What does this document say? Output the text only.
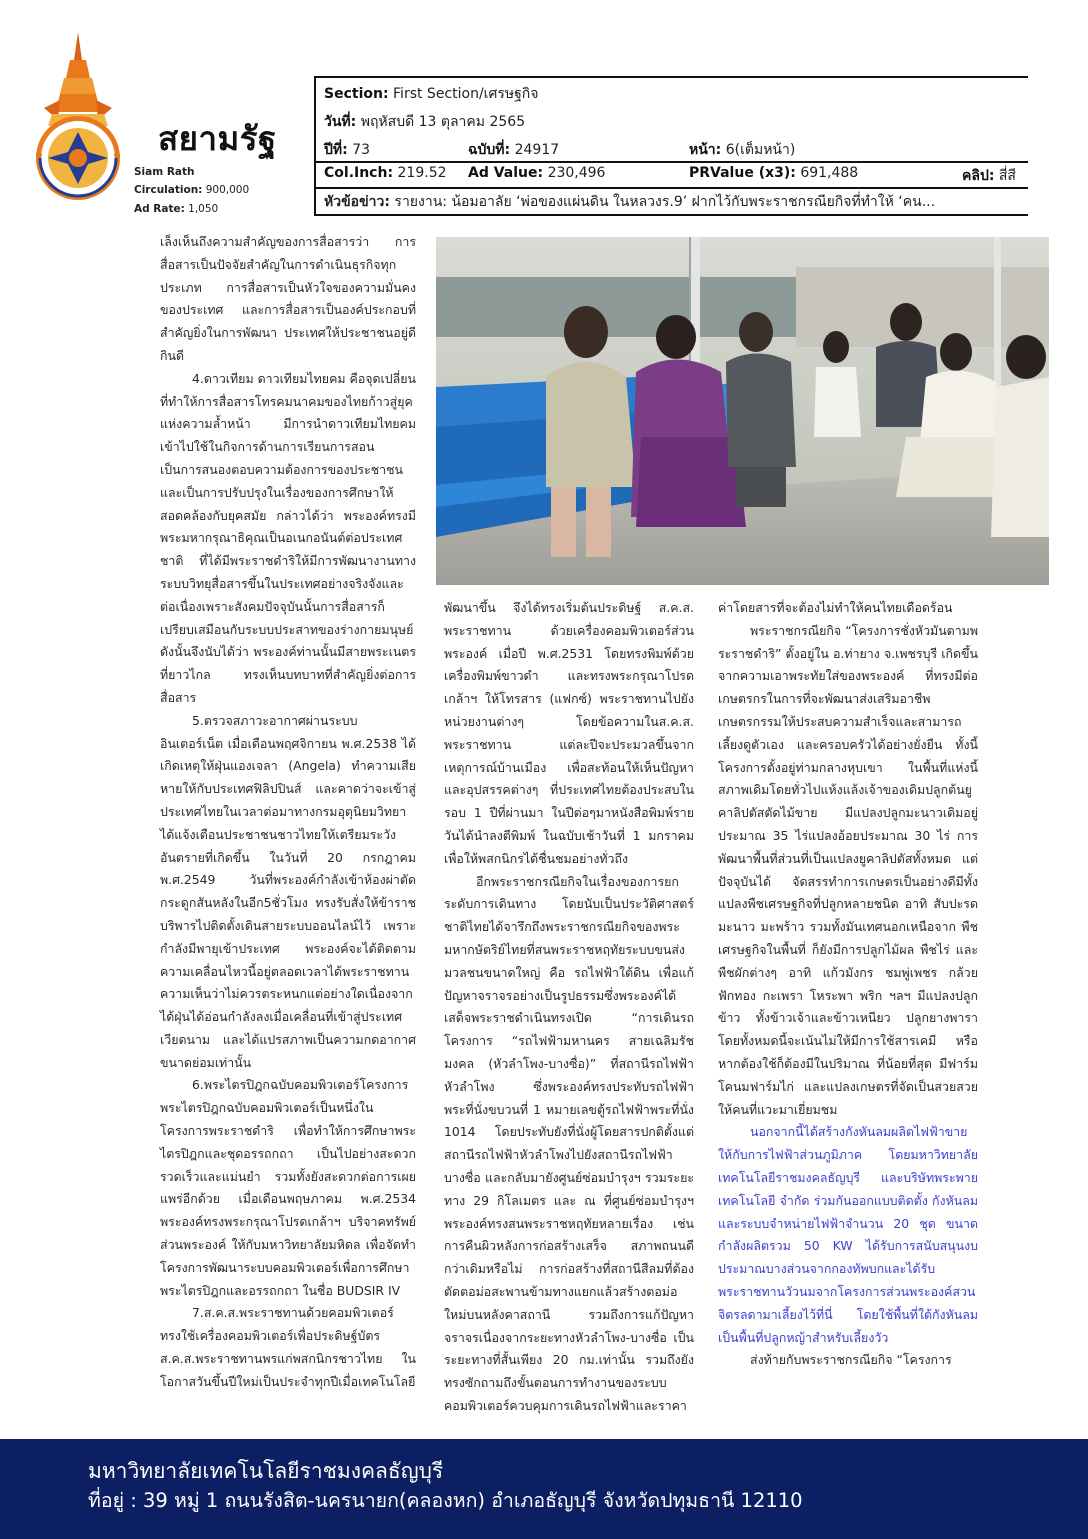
สยามรัฐ
Siam Rath
Circulation: 900,000
Ad Rate: 1,050
Section: First Section/เศรษฐกิจ
วันที่: พฤหัสบดี 13 ตุลาคม 2565
ปีที่: 73	ฉบับที่: 24917	หน้า: 6(เต็มหน้า)
Col.Inch: 219.52 Ad Value: 230,496	PRValue (x3): 691,488	คลิป: สี่สี
หัวข้อข่าว: รายงาน: น้อมอาลัย ‘พ่อของแผ่นดิน ในหลวงร.9’ ฝากไว้กับพระราชกรณียกิจที่ทำให้ ‘คน...

เล็งเห็นถึงความสำคัญของการสื่อสารว่า การสื่อสารเป็นปัจจัยสำคัญในการดำเนินธุรกิจทุกประเภท การสื่อสารเป็นหัวใจของความมั่นคงของประเทศ และการสื่อสารเป็นองค์ประกอบที่สำคัญยิ่งในการพัฒนา ประเทศให้ประชาชนอยู่ดีกินดี

4.ดาวเทียม ดาวเทียมไทยคม คือจุดเปลี่ยนที่ทำให้การสื่อสารโทรคมนาคมของไทยก้าวสู่ยุคแห่งความล้ำหน้า มีการนำดาวเทียมไทยคมเข้าไปใช้ในกิจการด้านการเรียนการสอน เป็นการสนองตอบความต้องการของประชาชน และเป็นการปรับปรุงในเรื่องของการศึกษาให้สอดคล้องกับยุคสมัย กล่าวได้ว่า พระองค์ทรงมีพระมหากรุณาธิคุณเป็นอเนกอนันต์ต่อประเทศชาติ ที่ได้มีพระราชดำริให้มีการพัฒนางานทางระบบวิทยุสื่อสารขึ้นในประเทศอย่างจริงจังและต่อเนื่องเพราะสังคมปัจจุบันนั้นการสื่อสารก็เปรียบเสมือนกับระบบประสาทของร่างกายมนุษย์ ดังนั้นจึงนับได้ว่า พระองค์ท่านนั้นมีสายพระเนตรที่ยาวไกล ทรงเห็นบทบาทที่สำคัญยิ่งต่อการสื่อสาร

5.ตรวจสภาวะอากาศผ่านระบบอินเตอร์เน็ต เมื่อเดือนพฤศจิกายน พ.ศ.2538 ได้เกิดเหตุให้ฝุ่นแองเจลา (Angela) ทำความเสียหายให้กับประเทศฟิลิปปินส์ และคาดว่าจะเข้าสู่ประเทศไทยในเวลาต่อมาทางกรมอุตุนิยมวิทยาได้แจ้งเตือนประชาชนชาวไทยให้เตรียมระวังอันตรายที่เกิดขึ้น ในวันที่ 20 กรกฎาคม พ.ศ.2549 วันที่พระองค์กำลังเข้าห้องผ่าตัดกระดูกสันหลังในอีก5ชั่วโมง ทรงรับสั่งให้ข้าราชบริพารไปติดตั้งเดินสายระบบออนไลน์ไว้ เพราะกำลังมีพายุเข้าประเทศ พระองค์จะได้ติดตามความเคลื่อนไหวนี้อยู่ตลอดเวลาได้พระราชทานความเห็นว่าไม่ควรตระหนกแต่อย่างใดเนื่องจากได้ฝุ่นได้อ่อนกำลังลงเมื่อเคลื่อนที่เข้าสู่ประเทศเวียดนาม และได้แปรสภาพเป็นความกดอากาศขนาดย่อมเท่านั้น

6.พระไตรปิฎกฉบับคอมพิวเตอร์โครงการพระไตรปิฎกฉบับคอมพิวเตอร์เป็นหนึ่งในโครงการพระราชดำริ เพื่อทำให้การศึกษาพระไตรปิฎกและชุดอรรถกถา เป็นไปอย่างสะดวกรวดเร็วและแม่นยำ รวมทั้งยังสะดวกต่อการเผยแพร่อีกด้วย เมื่อเดือนพฤษภาคม พ.ศ.2534 พระองค์ทรงพระกรุณาโปรดเกล้าฯ บริจาคทรัพย์ส่วนพระองค์ ให้กับมหาวิทยาลัยมหิดล เพื่อจัดทำโครงการพัฒนาระบบคอมพิวเตอร์เพื่อการศึกษาพระไตรปิฎกและอรรถกถา ในชื่อ BUDSIR IV

7.ส.ค.ส.พระราชทานด้วยคอมพิวเตอร์ ทรงใช้เครื่องคอมพิวเตอร์เพื่อประดิษฐ์บัตร ส.ค.ส.พระราชทานพรแก่พสกนิกรชาวไทย ในโอกาสวันขึ้นปีใหม่เป็นประจำทุกปีเมื่อเทคโนโลยี

พัฒนาขึ้น จึงได้ทรงเริ่มต้นประดิษฐ์ ส.ค.ส. พระราชทาน ด้วยเครื่องคอมพิวเตอร์ส่วนพระองค์ เมื่อปี พ.ศ.2531 โดยทรงพิมพ์ด้วยเครื่องพิมพ์ขาวดำ และทรงพระกรุณาโปรดเกล้าฯ ให้โทรสาร (แฟกซ์) พระราชทานไปยังหน่วยงานต่างๆ โดยข้อความในส.ค.ส. พระราชทาน แต่ละปีจะประมวลขึ้นจากเหตุการณ์บ้านเมือง เพื่อสะท้อนให้เห็นปัญหา และอุปสรรคต่างๆ ที่ประเทศไทยต้องประสบในรอบ 1 ปีที่ผ่านมา ในปีต่อๆมาหนังสือพิมพ์รายวันได้นำลงตีพิมพ์ ในฉบับเช้าวันที่ 1 มกราคม เพื่อให้พสกนิกรได้ชื่นชมอย่างทั่วถึง

อีกพระราชกรณียกิจในเรื่องของการยกระดับการเดินทาง โดยนับเป็นประวัติศาสตร์ชาติไทยได้จารึกถึงพระราชกรณียกิจของพระมหากษัตริย์ไทยที่สนพระราชหฤทัยระบบขนส่งมวลชนขนาดใหญ่ คือ รถไฟฟ้าใต้ดิน เพื่อแก้ปัญหาจราจรอย่างเป็นรูปธรรมซึ่งพระองค์ได้เสด็จพระราชดำเนินทรงเปิด “การเดินรถโครงการ “รถไฟฟ้ามหานคร สายเฉลิมรัชมงคล (หัวลำโพง-บางซื่อ)” ที่สถานีรถไฟฟ้าหัวลำโพง ซึ่งพระองค์ทรงประทับรถไฟฟ้าพระที่นั่งขบวนที่ 1 หมายเลขตู้รถไฟฟ้าพระที่นั่ง 1014 โดยประทับยังที่นั่งผู้โดยสารปกติตั้งแต่สถานีรถไฟฟ้าหัวลำโพงไปยังสถานีรถไฟฟ้าบางซื่อ และกลับมายังศูนย์ซ่อมบำรุงฯ รวมระยะทาง 29 กิโลเมตร และ ณ ที่ศูนย์ซ่อมบำรุงฯ พระองค์ทรงสนพระราชหฤทัยหลายเรื่อง เช่นการคืนผิวหลังการก่อสร้างเสร็จ สภาพถนนดีกว่าเดิมหรือไม่ การก่อสร้างที่สถานีสีลมที่ต้องตัดตอม่อสะพานข้ามทางแยกแล้วสร้างตอม่อใหม่บนหลังคาสถานี รวมถึงการแก้ปัญหาจราจรเนื่องจากระยะทางหัวลำโพง-บางซื่อ เป็นระยะทางที่สั้นเพียง 20 กม.เท่านั้น รวมถึงยังทรงซักถามถึงขั้นตอนการทำงานของระบบคอมพิวเตอร์ควบคุมการเดินรถไฟฟ้าและราคา

ค่าโดยสารที่จะต้องไม่ทำให้คนไทยเดือดร้อน

พระราชกรณียกิจ “โครงการชั่งหัวมันตามพระราชดำริ” ตั้งอยู่ใน อ.ท่ายาง จ.เพชรบุรี เกิดขึ้นจากความเอาพระทัยใส่ของพระองค์ ที่ทรงมีต่อเกษตรกรในการที่จะพัฒนาส่งเสริมอาชีพเกษตรกรรมให้ประสบความสำเร็จและสามารถเลี้ยงดูตัวเอง และครอบครัวได้อย่างยั่งยืน ทั้งนี้โครงการตั้งอยู่ท่ามกลางหุบเขา ในพื้นที่แห่งนี้สภาพเดิมโดยทั่วไปแห้งแล้งเจ้าของเดิมปลูกต้นยูคาลิปตัสตัดไม้ขาย มีแปลงปลูกมะนาวเดิมอยู่ประมาณ 35 ไร่แปลงอ้อยประมาณ 30 ไร่ การพัฒนาพื้นที่ส่วนที่เป็นแปลงยูคาลิปตัสทั้งหมด แต่ปัจจุบันได้ จัดสรรทำการเกษตรเป็นอย่างดีมีทั้งแปลงพืชเศรษฐกิจที่ปลูกหลายชนิด อาทิ สับปะรด มะนาว มะพร้าว รวมทั้งมันเทศนอกเหนือจาก พืชเศรษฐกิจในพื้นที่ ก็ยังมีการปลูกไม้ผล พืชไร่ และพืชผักต่างๆ อาทิ แก้วมังกร ชมพู่เพชร กล้วย ฟักทอง กะเพรา โหระพา พริก ฯลฯ มีแปลงปลูกข้าว ทั้งข้าวเจ้าและข้าวเหนียว ปลูกยางพารา โดยทั้งหมดนี้จะเน้นไม่ให้มีการใช้สารเคมี หรือหากต้องใช้ก็ต้องมีในปริมาณ ที่น้อยที่สุด มีฟาร์มโคนมฟาร์มไก่ และแปลงเกษตรที่จัดเป็นสวยสวยให้คนที่แวะมาเยี่ยมชม

นอกจากนี้ได้สร้างกังหันลมผลิตไฟฟ้าขายให้กับการไฟฟ้าส่วนภูมิภาค โดยมหาวิทยาลัยเทคโนโลยีราชมงคลธัญบุรี และบริษัทพระพายเทคโนโลยี จำกัด ร่วมกันออกแบบติดตั้ง กังหันลมและระบบจำหน่ายไฟฟ้าจำนวน 20 ชุด ขนาดกำลังผลิตรวม 50 KW ได้รับการสนับสนุนงบประมาณบางส่วนจากกองทัพบกและได้รับพระราชทานวัวนมจากโครงการส่วนพระองค์สวนจิตรลดามาเลี้ยงไว้ที่นี่ โดยใช้พื้นที่ใต้กังหันลมเป็นพื้นที่ปลูกหญ้าสำหรับเลี้ยงวัว

ส่งท้ายกับพระราชกรณียกิจ “โครงการ

มหาวิทยาลัยเทคโนโลยีราชมงคลธัญบุรี
ที่อยู่ : 39 หมู่ 1 ถนนรังสิต-นครนายก(คลองหก) อำเภอธัญบุรี จังหวัดปทุมธานี 12110
